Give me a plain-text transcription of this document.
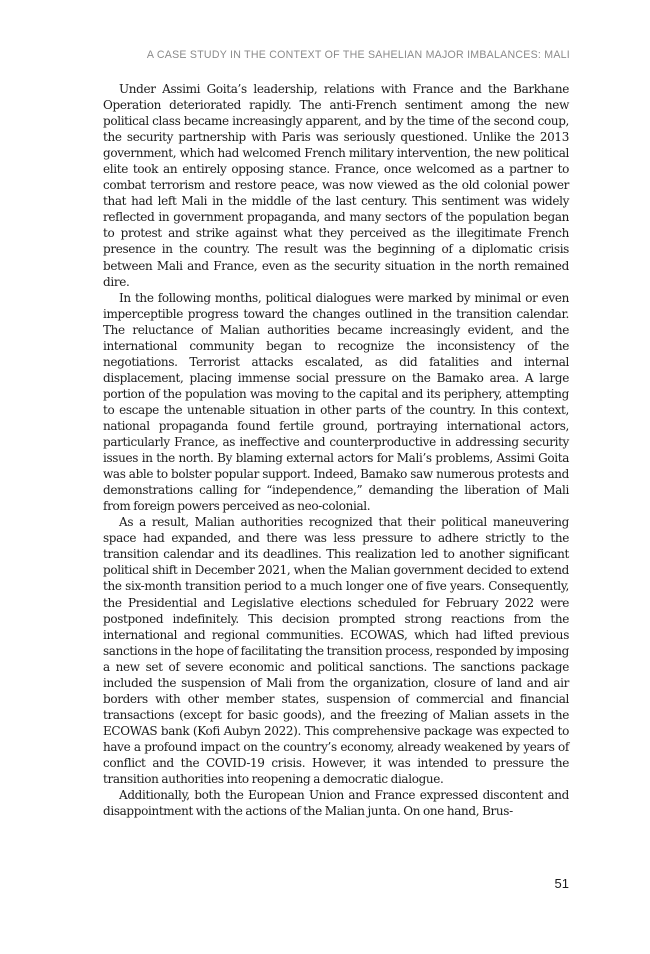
A CASE STUDY IN THE CONTEXT OF THE SAHELIAN MAJOR IMBALANCES: MALI

Under Assimi Goita’s leadership, relations with France and the Barkhane Operation deteriorated rapidly. The anti-French sentiment among the new political class became increasingly apparent, and by the time of the second coup, the security partnership with Paris was seriously questioned. Unlike the 2013 government, which had welcomed French military intervention, the new political elite took an entirely opposing stance. France, once welcomed as a partner to combat terrorism and restore peace, was now viewed as the old colonial power that had left Mali in the middle of the last century. This sentiment was widely reflected in government propaganda, and many sectors of the population began to protest and strike against what they perceived as the illegitimate French presence in the country. The result was the beginning of a diplomatic crisis between Mali and France, even as the security situation in the north remained dire.

In the following months, political dialogues were marked by minimal or even imperceptible progress toward the changes outlined in the transition calendar. The reluctance of Malian authorities became increasingly evident, and the international community began to recognize the inconsistency of the negotiations. Terrorist attacks escalated, as did fatalities and internal displacement, placing immense social pressure on the Bamako area. A large portion of the population was moving to the capital and its periphery, attempting to escape the untenable situation in other parts of the country. In this context, national propaganda found fertile ground, portraying international actors, particularly France, as ineffective and counterproductive in addressing security issues in the north. By blaming external actors for Mali’s problems, Assimi Goita was able to bolster popular support. Indeed, Bamako saw numerous protests and demonstrations calling for “independence,” demanding the liberation of Mali from foreign powers perceived as neo-colonial.

As a result, Malian authorities recognized that their political maneuvering space had expanded, and there was less pressure to adhere strictly to the transition calendar and its deadlines. This realization led to another significant political shift in December 2021, when the Malian government decided to extend the six-month transition period to a much longer one of five years. Consequently, the Presidential and Legislative elections scheduled for February 2022 were postponed indefinitely. This decision prompted strong reactions from the international and regional communities. ECOWAS, which had lifted previous sanctions in the hope of facilitating the transition process, responded by imposing a new set of severe economic and political sanctions. The sanctions package included the suspension of Mali from the organization, closure of land and air borders with other member states, suspension of commercial and financial transactions (except for basic goods), and the freezing of Malian assets in the ECOWAS bank (Kofi Aubyn 2022). This comprehensive package was expected to have a profound impact on the country’s economy, already weakened by years of conflict and the COVID-19 crisis. However, it was intended to pressure the transition authorities into reopening a democratic dialogue.

Additionally, both the European Union and France expressed discontent and disappointment with the actions of the Malian junta. On one hand, Brus-

51
